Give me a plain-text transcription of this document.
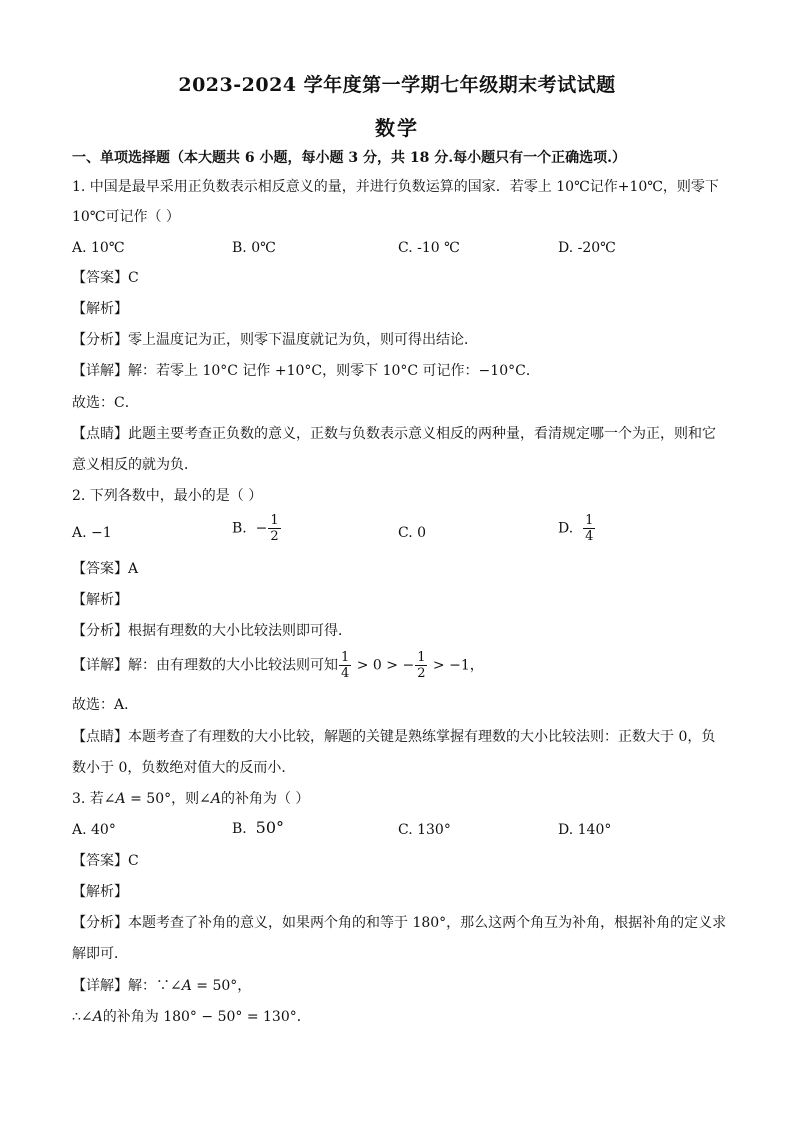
2023-2024 学年度第一学期七年级期末考试试题
数学
一、单项选择题（本大题共 6 小题，每小题 3 分，共 18 分.每小题只有一个正确选项.）
1. 中国是最早采用正负数表示相反意义的量，并进行负数运算的国家．若零上 10℃记作+10℃，则零下
10℃可记作（ ）
A. 10℃	B. 0℃	C. -10 ℃	D. -20℃
【答案】C
【解析】
【分析】零上温度记为正，则零下温度就记为负，则可得出结论．
【详解】解：若零上 10°C 记作 +10°C，则零下 10°C 可记作：−10°C．
故选：C．
【点睛】此题主要考查正负数的意义，正数与负数表示意义相反的两种量，看清规定哪一个为正，则和它
意义相反的就为负．
2. 下列各数中，最小的是（ ）
A. −1	B. − $\frac{1}{2}$	C. 0	D. $\frac{1}{4}$
【答案】A
【解析】
【分析】根据有理数的大小比较法则即可得．
【详解】解：由有理数的大小比较法则可知 $\frac{1}{4} > 0$ > − $\frac{1}{2} > -1$，
故选：A．
【点睛】本题考查了有理数的大小比较，解题的关键是熟练掌握有理数的大小比较法则：正数大于 0，负
数小于 0，负数绝对值大的反而小．
3. 若∠A = 50°，则∠A的补角为（ ）
A. 40°	B. 50°	C. 130°	D. 140°
【答案】C
【解析】
【分析】本题考查了补角的意义，如果两个角的和等于 180°，那么这两个角互为补角，根据补角的定义求
解即可．
【详解】解：∵∠A = 50°，
∴∠A的补角为 180° − 50° = 130°．
